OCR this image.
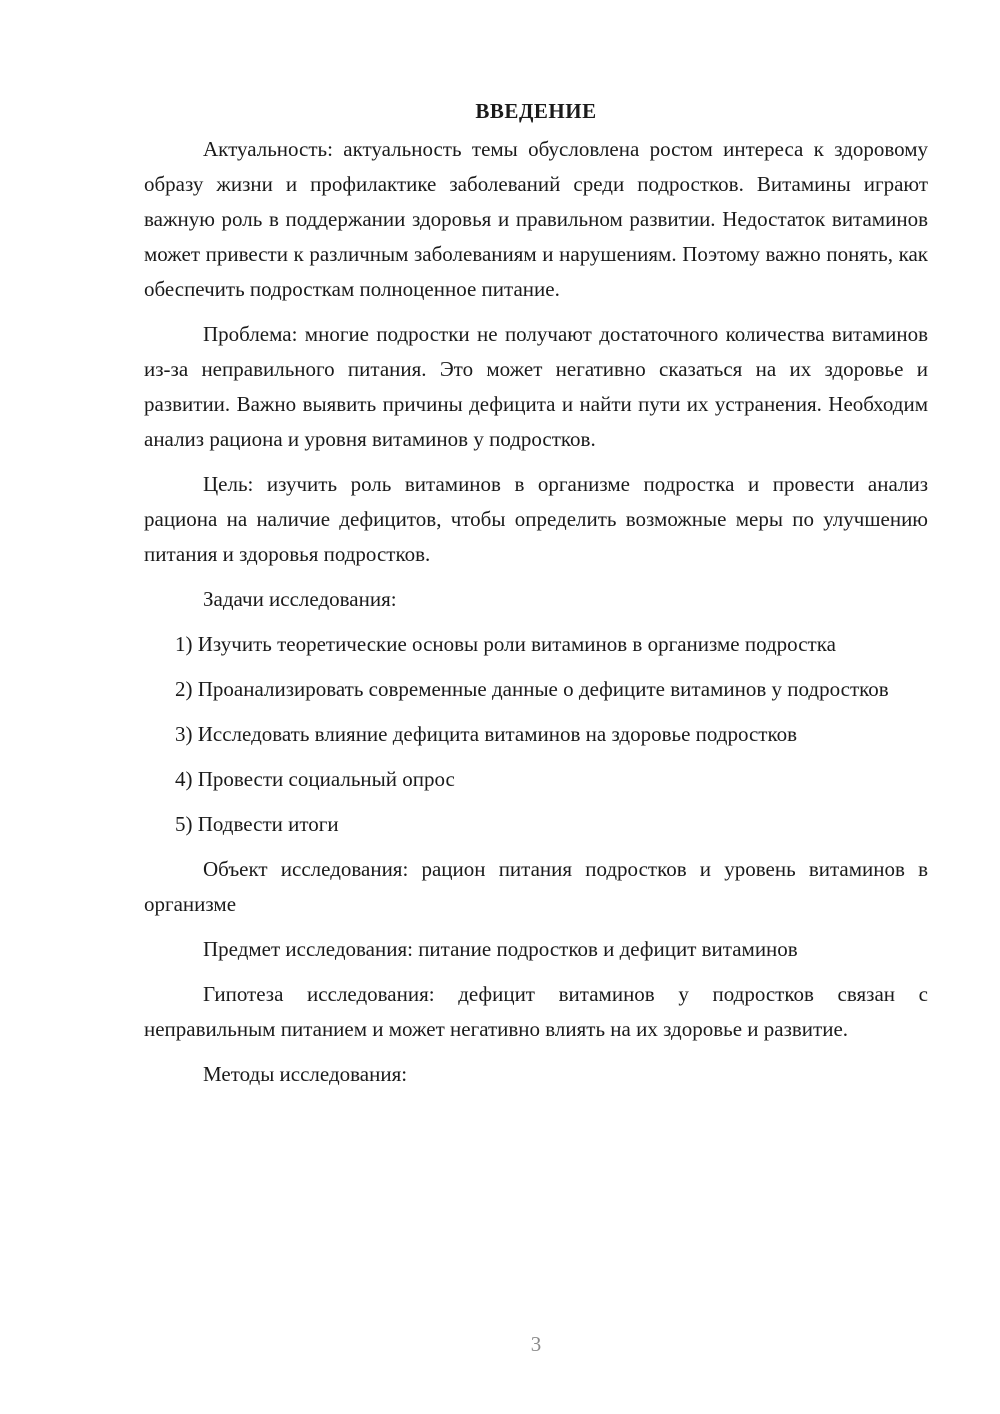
ВВЕДЕНИЕ

Актуальность: актуальность темы обусловлена ростом интереса к здоровому образу жизни и профилактике заболеваний среди подростков. Витамины играют важную роль в поддержании здоровья и правильном развитии. Недостаток витаминов может привести к различным заболеваниям и нарушениям. Поэтому важно понять, как обеспечить подросткам полноценное питание.

Проблема: многие подростки не получают достаточного количества витаминов из-за неправильного питания. Это может негативно сказаться на их здоровье и развитии. Важно выявить причины дефицита и найти пути их устранения. Необходим анализ рациона и уровня витаминов у подростков.

Цель: изучить роль витаминов в организме подростка и провести анализ рациона на наличие дефицитов, чтобы определить возможные меры по улучшению питания и здоровья подростков.

Задачи исследования:

1) Изучить теоретические основы роли витаминов в организме подростка

2) Проанализировать современные данные о дефиците витаминов у подростков

3) Исследовать влияние дефицита витаминов на здоровье подростков

4) Провести социальный опрос

5) Подвести итоги

Объект исследования: рацион питания подростков и уровень витаминов в организме

Предмет исследования: питание подростков и дефицит витаминов

Гипотеза исследования: дефицит витаминов у подростков связан с неправильным питанием и может негативно влиять на их здоровье и развитие.

Методы исследования:

3
